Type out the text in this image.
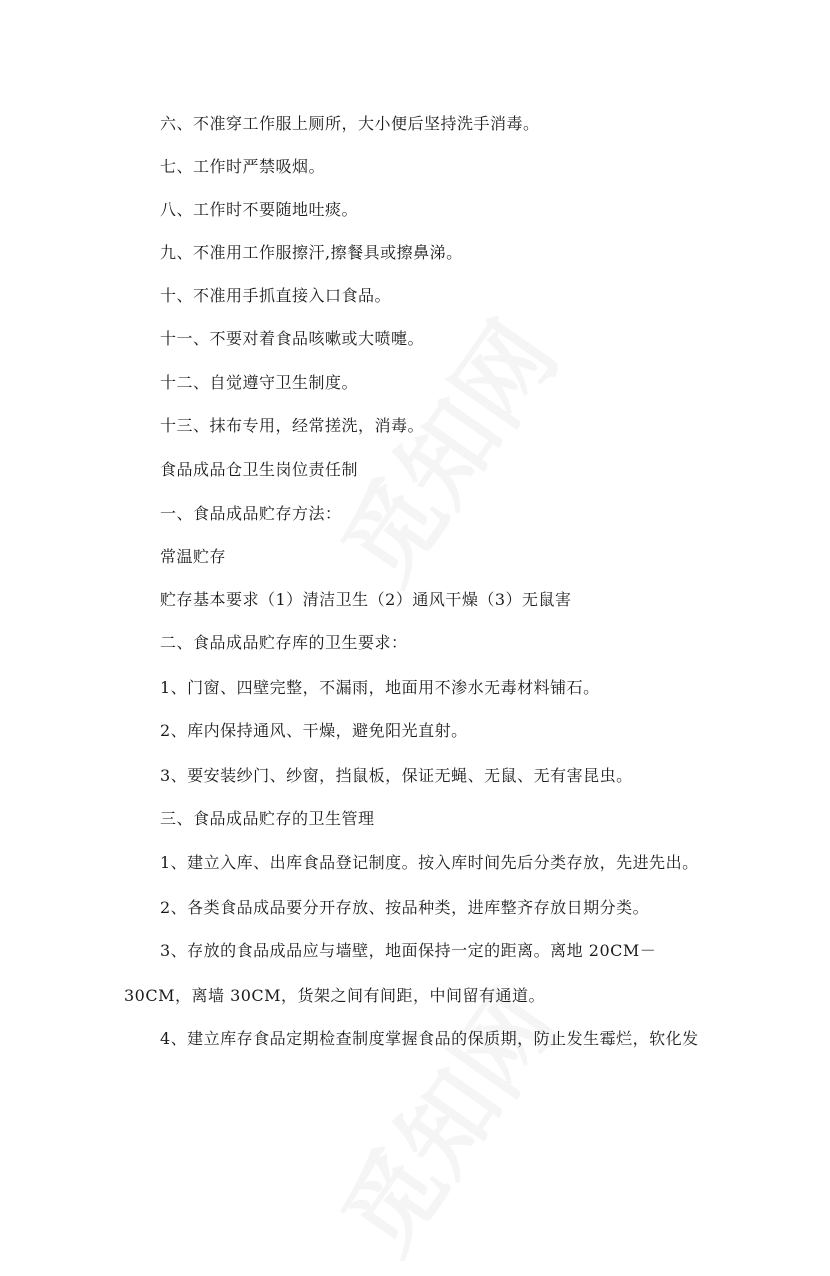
六、不准穿工作服上厕所，大小便后坚持洗手消毒。
七、工作时严禁吸烟。
八、工作时不要随地吐痰。
九、不准用工作服擦汗,擦餐具或擦鼻涕。
十、不准用手抓直接入口食品。
十一、不要对着食品咳嗽或大喷嚏。
十二、自觉遵守卫生制度。
十三、抹布专用，经常搓洗，消毒。
食品成品仓卫生岗位责任制
一、食品成品贮存方法：
常温贮存
贮存基本要求（1）清洁卫生（2）通风干燥（3）无鼠害
二、食品成品贮存库的卫生要求：
1、门窗、四壁完整，不漏雨，地面用不渗水无毒材料铺石。
2、库内保持通风、干燥，避免阳光直射。
3、要安装纱门、纱窗，挡鼠板，保证无蝇、无鼠、无有害昆虫。
三、食品成品贮存的卫生管理
1、建立入库、出库食品登记制度。按入库时间先后分类存放，先进先出。
2、各类食品成品要分开存放、按品种类，进库整齐存放日期分类。
3、存放的食品成品应与墙壁，地面保持一定的距离。离地 20CM－
30CM，离墙 30CM，货架之间有间距，中间留有通道。
4、建立库存食品定期检查制度掌握食品的保质期，防止发生霉烂，软化发
